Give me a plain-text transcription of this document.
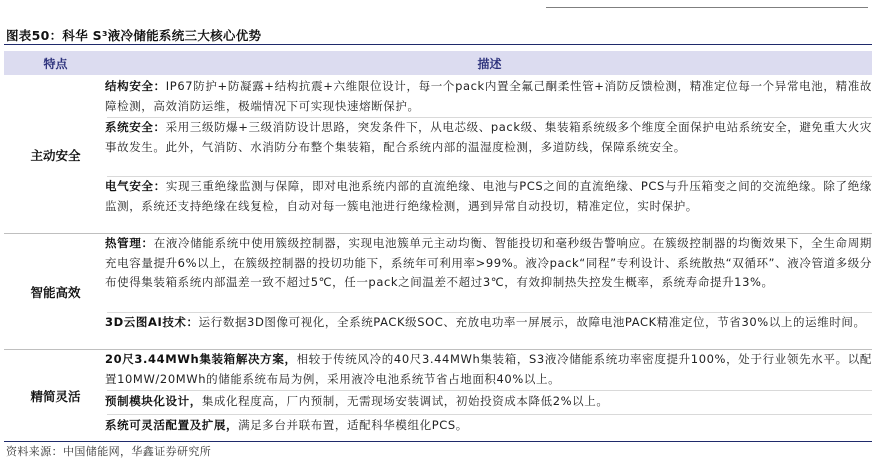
图表50：科华 S³液冷储能系统三大核心优势
特点	描述
主动安全
结构安全：IP67防护+防凝露+结构抗震+六维限位设计，每一个pack内置全氟己酮柔性管+消防反馈检测，精准定位每一个异常电池，精准故障检测，高效消防运维，极端情况下可实现快速熔断保护。
系统安全：采用三级防爆+三级消防设计思路，突发条件下，从电芯级、pack级、集装箱系统级多个维度全面保护电站系统安全，避免重大火灾事故发生。此外，气消防、水消防分布整个集装箱，配合系统内部的温湿度检测，多道防线，保障系统安全。
电气安全：实现三重绝缘监测与保障，即对电池系统内部的直流绝缘、电池与PCS之间的直流绝缘、PCS与升压箱变之间的交流绝缘。除了绝缘监测，系统还支持绝缘在线复检，自动对每一簇电池进行绝缘检测，遇到异常自动投切，精准定位，实时保护。
智能高效
热管理：在液冷储能系统中使用簇级控制器，实现电池簇单元主动均衡、智能投切和毫秒级告警响应。在簇级控制器的均衡效果下，全生命周期充电容量提升6%以上，在簇级控制器的投切功能下，系统年可利用率>99%。液冷pack“同程”专利设计、系统散热“双循环”、液冷管道多级分布使得集装箱系统内部温差一致不超过5℃，任一pack之间温差不超过3℃，有效抑制热失控发生概率，系统寿命提升13%。
3D云图AI技术：运行数据3D图像可视化，全系统PACK级SOC、充放电功率一屏展示，故障电池PACK精准定位，节省30%以上的运维时间。
精简灵活
20尺3.44MWh集装箱解决方案，相较于传统风冷的40尺3.44MWh集装箱，S3液冷储能系统功率密度提升100%，处于行业领先水平。以配置10MW/20MWh的储能系统布局为例，采用液冷电池系统节省占地面积40%以上。
预制模块化设计，集成化程度高，厂内预制，无需现场安装调试，初始投资成本降低2%以上。
系统可灵活配置及扩展，满足多台并联布置，适配科华模组化PCS。
资料来源：中国储能网，华鑫证券研究所
